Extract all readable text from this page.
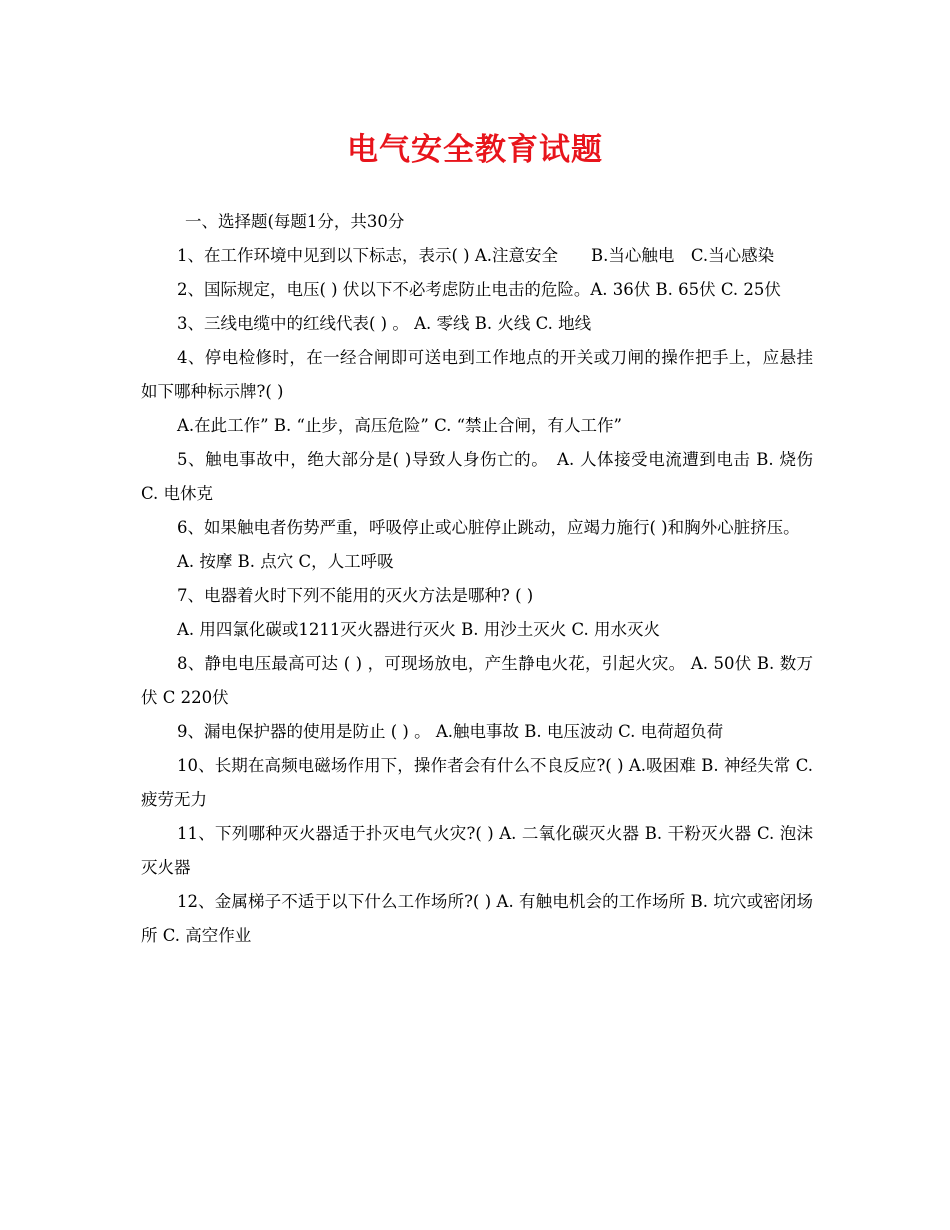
电气安全教育试题

一、选择题(每题1分，共30分

1、在工作环境中见到以下标志，表示( ) A.注意安全　　B.当心触电　C.当心感染

2、国际规定，电压( ) 伏以下不必考虑防止电击的危险。A. 36伏 B. 65伏 C. 25伏

3、三线电缆中的红线代表( ) 。 A. 零线 B. 火线 C. 地线

4、停电检修时，在一经合闸即可送电到工作地点的开关或刀闸的操作把手上，应悬挂如下哪种标示牌?( )

A.在此工作” B. “止步，高压危险” C. “禁止合闸，有人工作”

5、触电事故中，绝大部分是( )导致人身伤亡的。　A. 人体接受电流遭到电击 B. 烧伤 C. 电休克

6、如果触电者伤势严重，呼吸停止或心脏停止跳动，应竭力施行( )和胸外心脏挤压。

A. 按摩 B. 点穴 C，人工呼吸

7、电器着火时下列不能用的灭火方法是哪种? ( )

A. 用四氯化碳或1211灭火器进行灭火 B. 用沙土灭火 C. 用水灭火

8、静电电压最高可达 ( ) ，可现场放电，产生静电火花，引起火灾。 A. 50伏 B. 数万伏 C 220伏

9、漏电保护器的使用是防止 ( ) 。 A.触电事故 B. 电压波动 C. 电荷超负荷

10、长期在高频电磁场作用下，操作者会有什么不良反应?( ) A.吸困难 B. 神经失常 C. 疲劳无力

11、下列哪种灭火器适于扑灭电气火灾?( ) A. 二氧化碳灭火器 B. 干粉灭火器 C. 泡沫灭火器

12、金属梯子不适于以下什么工作场所?( ) A. 有触电机会的工作场所 B. 坑穴或密闭场所 C. 高空作业
